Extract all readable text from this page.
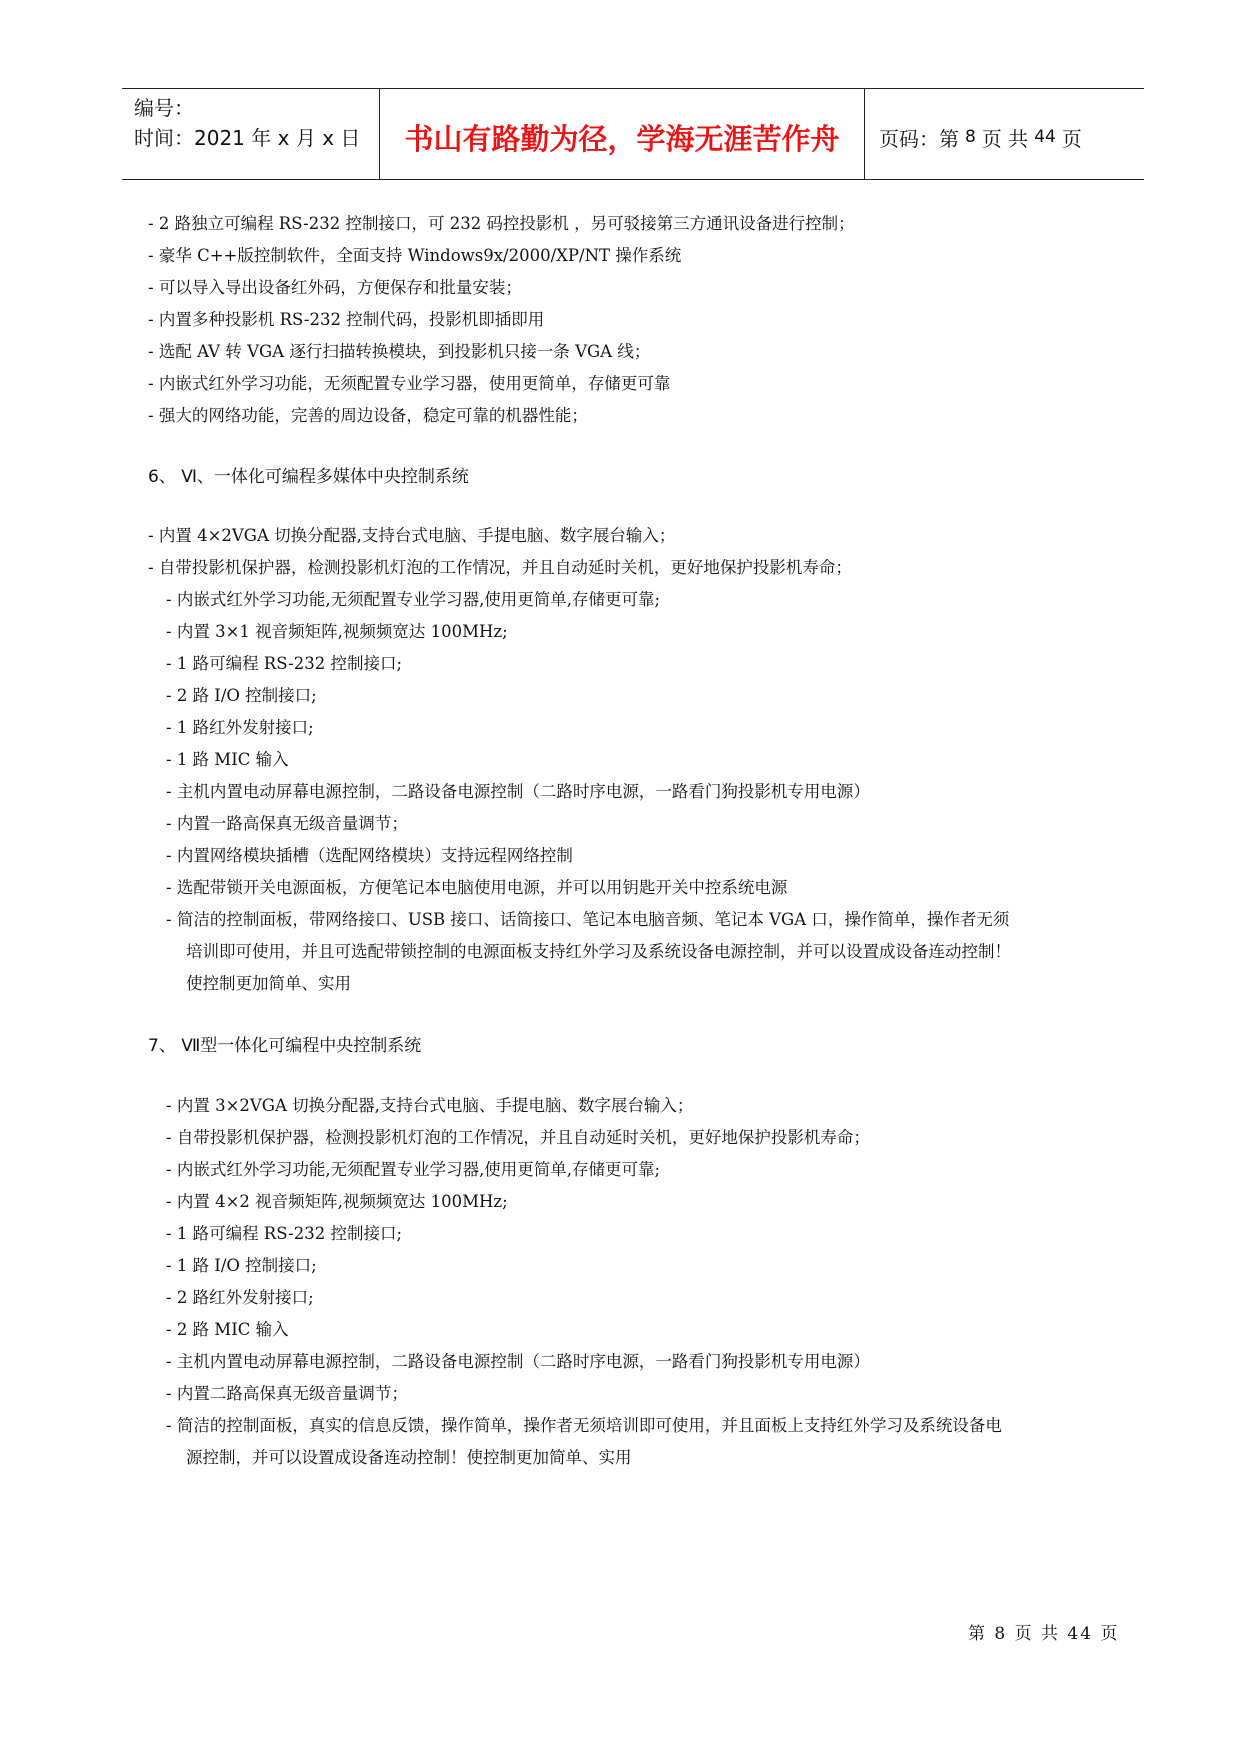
编号：
时间：2021 年 x 月 x 日	书山有路勤为径，学海无涯苦作舟	页码：第 8 页 共 44 页
- 2 路独立可编程 RS-232 控制接口，可 232 码控投影机 ，另可驳接第三方通讯设备进行控制；
- 豪华 C++版控制软件，全面支持 Windows9x/2000/XP/NT 操作系统
- 可以导入导出设备红外码，方便保存和批量安装；
- 内置多种投影机 RS-232 控制代码，投影机即插即用
- 选配 AV 转 VGA 逐行扫描转换模块，到投影机只接一条 VGA 线；
- 内嵌式红外学习功能，无须配置专业学习器，使用更简单，存储更可靠
- 强大的网络功能，完善的周边设备，稳定可靠的机器性能；
6、 Ⅵ、一体化可编程多媒体中央控制系统
- 内置 4×2VGA 切换分配器,支持台式电脑、手提电脑、数字展台输入；
- 自带投影机保护器，检测投影机灯泡的工作情况，并且自动延时关机，更好地保护投影机寿命；
- 内嵌式红外学习功能,无须配置专业学习器,使用更简单,存储更可靠;
- 内置 3×1 视音频矩阵,视频频宽达 100MHz;
- 1 路可编程 RS-232 控制接口;
- 2 路 I/O 控制接口;
- 1 路红外发射接口;
- 1 路 MIC 输入
- 主机内置电动屏幕电源控制，二路设备电源控制（二路时序电源，一路看门狗投影机专用电源）
- 内置一路高保真无级音量调节；
- 内置网络模块插槽（选配网络模块）支持远程网络控制
- 选配带锁开关电源面板，方便笔记本电脑使用电源，并可以用钥匙开关中控系统电源
- 简洁的控制面板，带网络接口、USB 接口、话筒接口、笔记本电脑音频、笔记本 VGA 口，操作简单，操作者无须
培训即可使用，并且可选配带锁控制的电源面板支持红外学习及系统设备电源控制，并可以设置成设备连动控制！
使控制更加简单、实用
7、 Ⅶ型一体化可编程中央控制系统
- 内置 3×2VGA 切换分配器,支持台式电脑、手提电脑、数字展台输入；
- 自带投影机保护器，检测投影机灯泡的工作情况，并且自动延时关机，更好地保护投影机寿命；
- 内嵌式红外学习功能,无须配置专业学习器,使用更简单,存储更可靠;
- 内置 4×2 视音频矩阵,视频频宽达 100MHz;
- 1 路可编程 RS-232 控制接口;
- 1 路 I/O 控制接口;
- 2 路红外发射接口;
- 2 路 MIC 输入
- 主机内置电动屏幕电源控制，二路设备电源控制（二路时序电源，一路看门狗投影机专用电源）
- 内置二路高保真无级音量调节；
- 简洁的控制面板，真实的信息反馈，操作简单，操作者无须培训即可使用，并且面板上支持红外学习及系统设备电
源控制，并可以设置成设备连动控制！使控制更加简单、实用
第 8 页 共 44 页
